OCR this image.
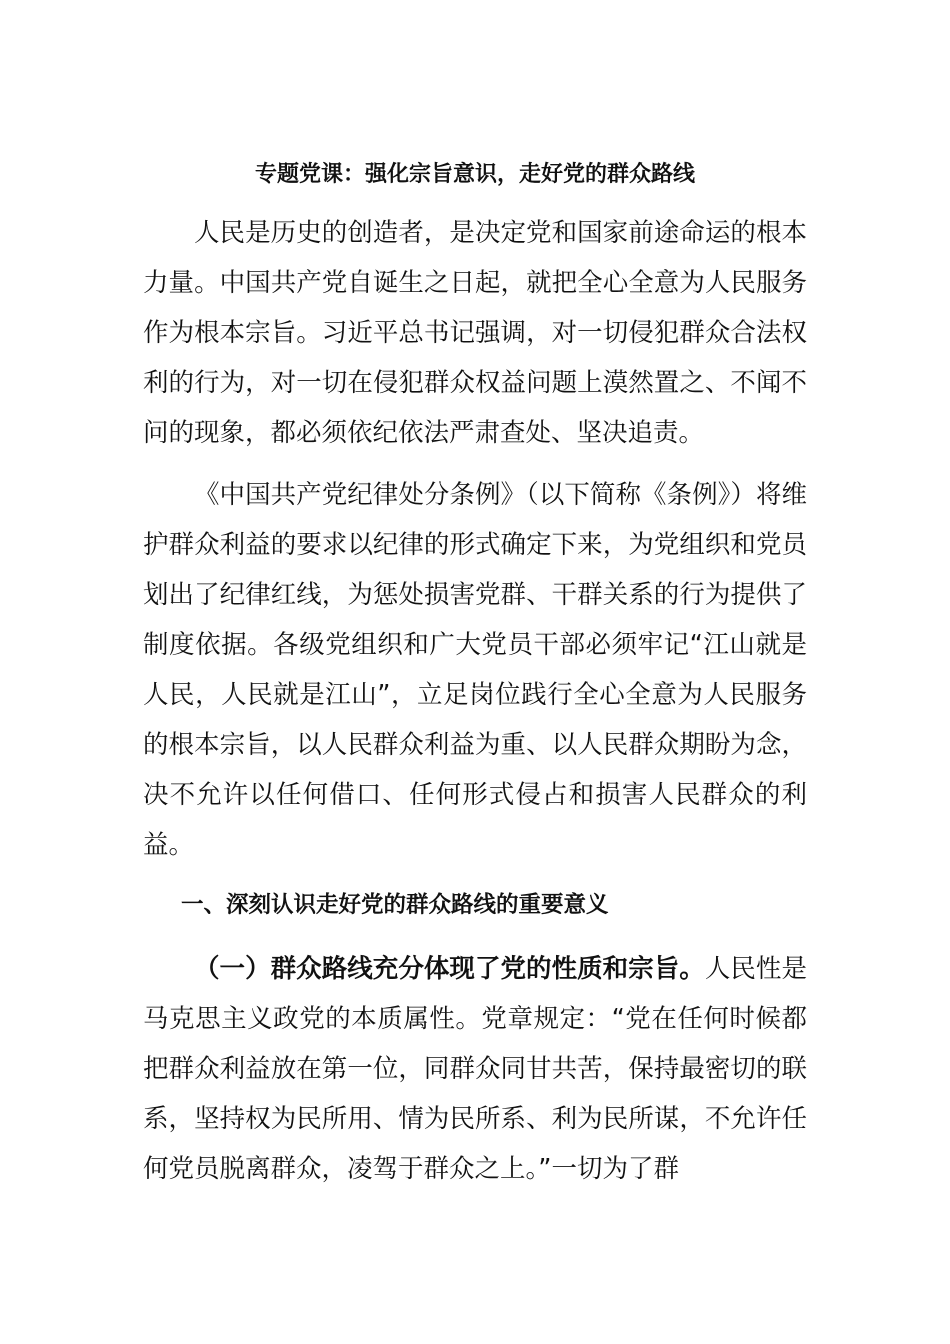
专题党课：强化宗旨意识，走好党的群众路线

人民是历史的创造者，是决定党和国家前途命运的根本力量。中国共产党自诞生之日起，就把全心全意为人民服务作为根本宗旨。习近平总书记强调，对一切侵犯群众合法权利的行为，对一切在侵犯群众权益问题上漠然置之、不闻不问的现象，都必须依纪依法严肃查处、坚决追责。

《中国共产党纪律处分条例》（以下简称《条例》）将维护群众利益的要求以纪律的形式确定下来，为党组织和党员划出了纪律红线，为惩处损害党群、干群关系的行为提供了制度依据。各级党组织和广大党员干部必须牢记“江山就是人民，人民就是江山”，立足岗位践行全心全意为人民服务的根本宗旨，以人民群众利益为重、以人民群众期盼为念，决不允许以任何借口、任何形式侵占和损害人民群众的利益。

一、深刻认识走好党的群众路线的重要意义

（一）群众路线充分体现了党的性质和宗旨。人民性是马克思主义政党的本质属性。党章规定：“党在任何时候都把群众利益放在第一位，同群众同甘共苦，保持最密切的联系，坚持权为民所用、情为民所系、利为民所谋，不允许任何党员脱离群众，凌驾于群众之上。”一切为了群
